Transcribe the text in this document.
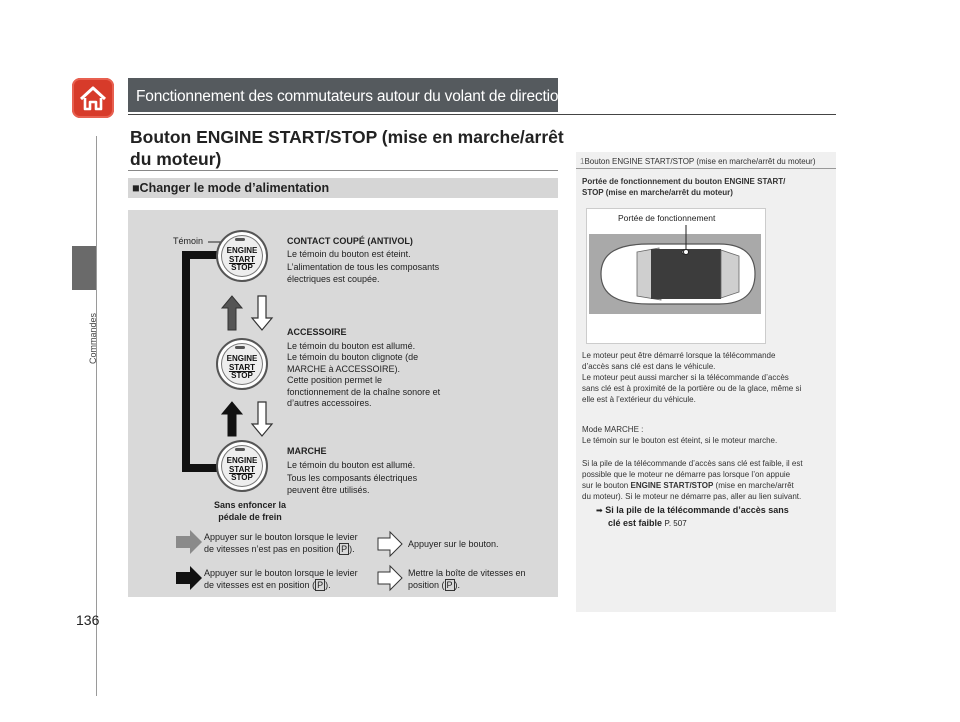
Commandes
136
Fonctionnement des commutateurs autour du volant de direction
Bouton ENGINE START/STOP (mise en marche/arrêt du moteur)
■Changer le mode d’alimentation
ENGINE
START
STOP
Témoin	CONTACT COUPÉ (ANTIVOL)
Le témoin du bouton est éteint.
L’alimentation de tous les composants
électriques est coupée.
ENGINE
START
STOP
ACCESSOIRE
Le témoin du bouton est allumé.
Le témoin du bouton clignote (de
MARCHE à ACCESSOIRE).
Cette position permet le
fonctionnement de la chaîne sonore et
d’autres accessoires.
ENGINE
START
STOP
MARCHE
Le témoin du bouton est allumé.
Tous les composants électriques
peuvent être utilisés.
Sans enfoncer la
pédale de frein
Appuyer sur le bouton lorsque le levier
de vitesses n’est pas en position ( P ).	Appuyer sur le bouton.
Appuyer sur le bouton lorsque le levier
de vitesses est en position ( P ).
Mettre la boîte de vitesses en
position ( P ).
1Bouton ENGINE START/STOP (mise en marche/arrêt du moteur)
Portée de fonctionnement du bouton ENGINE START/
STOP (mise en marche/arrêt du moteur)
Portée de fonctionnement
Le moteur peut être démarré lorsque la télécommande
d’accès sans clé est dans le véhicule.
Le moteur peut aussi marcher si la télécommande d’accès
sans clé est à proximité de la portière ou de la glace, même si
elle est à l’extérieur du véhicule.
Mode MARCHE :
Le témoin sur le bouton est éteint, si le moteur marche.
Si la pile de la télécommande d’accès sans clé est faible, il est
possible que le moteur ne démarre pas lorsque l’on appuie
sur le bouton ENGINE START/STOP (mise en marche/arrêt
du moteur). Si le moteur ne démarre pas, aller au lien suivant.
➡ Si la pile de la télécommande d’accès sans
clé est faible P. 507
